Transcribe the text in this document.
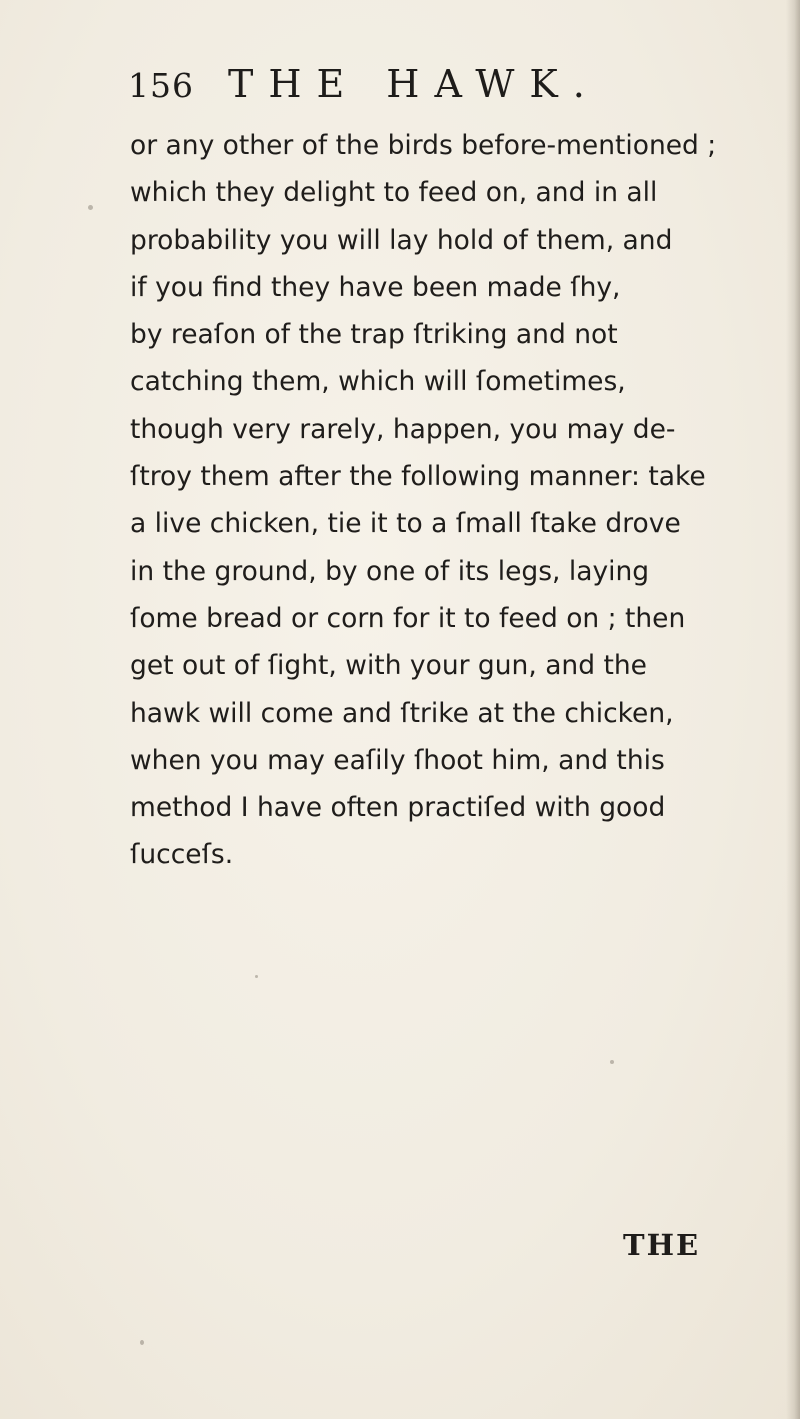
156 THE HAWK.
or any other of the birds before-mentioned ;
which they delight to feed on, and in all
probability you will lay hold of them, and
if you find they have been made ſhy,
by reaſon of the trap ſtriking and not
catching them, which will ſometimes,
though very rarely, happen, you may de-
ſtroy them after the following manner: take
a live chicken, tie it to a ſmall ſtake drove
in the ground, by one of its legs, laying
ſome bread or corn for it to feed on ; then
get out of ſight, with your gun, and the
hawk will come and ſtrike at the chicken,
when you may eaſily ſhoot him, and this
method I have often practiſed with good
ſucceſs.
THE
